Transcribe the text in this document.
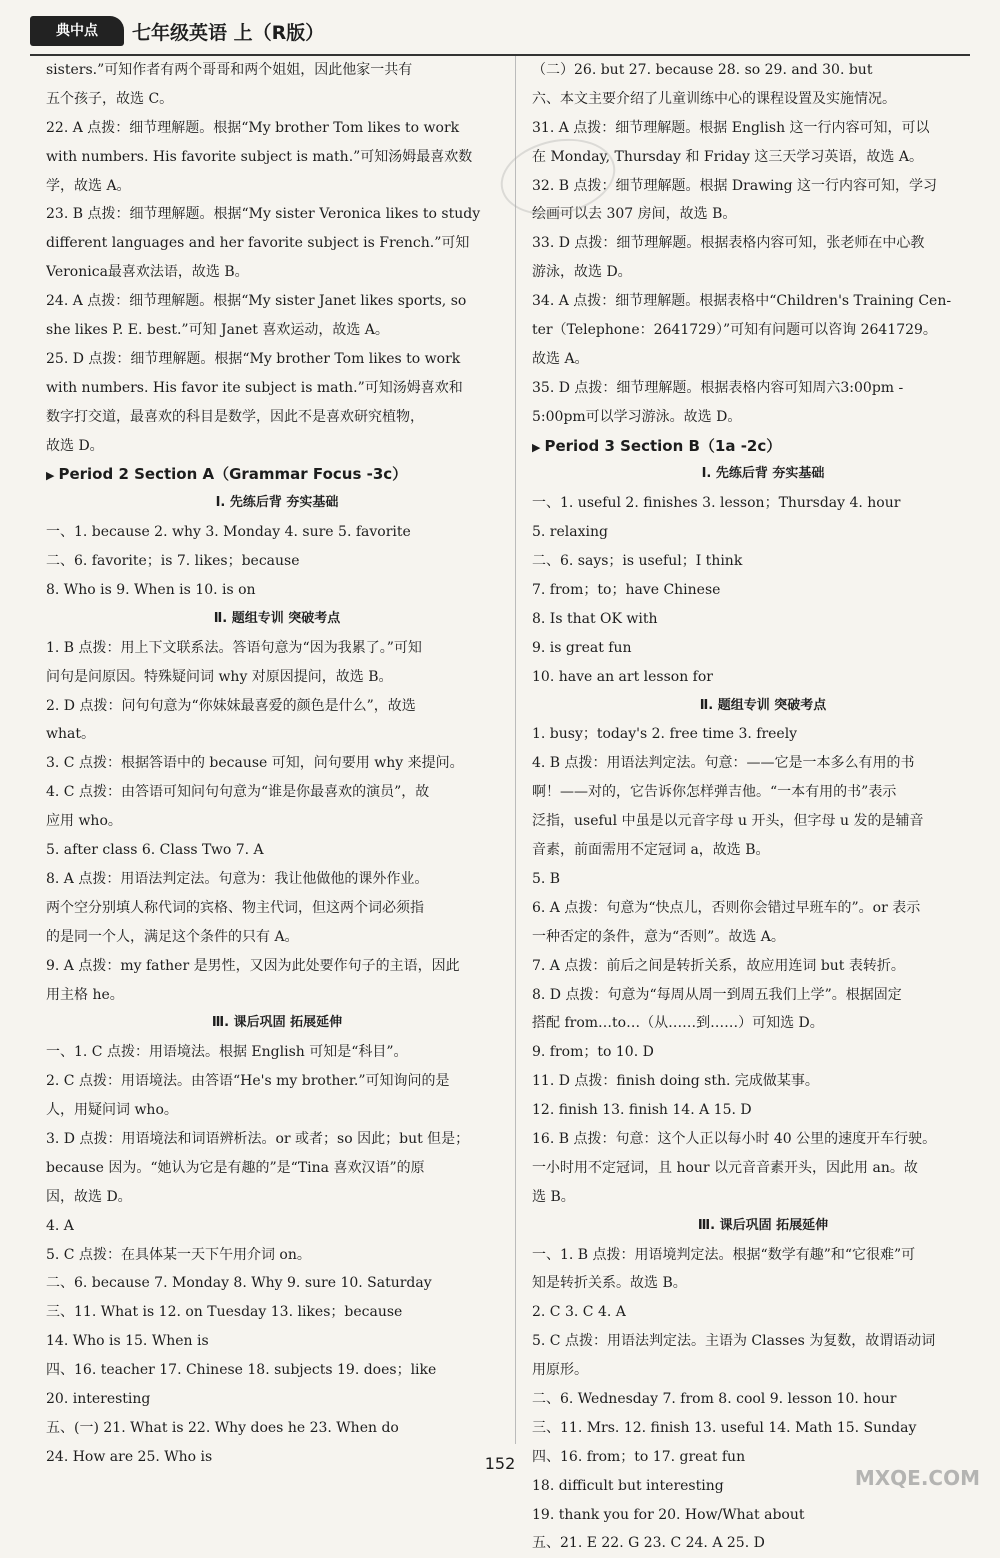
典中点	七年级英语 上（R版）
sisters.”可知作者有两个哥哥和两个姐姐，因此他家一共有
五个孩子，故选 C。
22. A 点拨：细节理解题。根据“My brother Tom likes to work
with numbers. His favorite subject is math.”可知汤姆最喜欢数
学，故选 A。
23. B 点拨：细节理解题。根据“My sister Veronica likes to study
different languages and her favorite subject is French.”可知
Veronica最喜欢法语，故选 B。
24. A 点拨：细节理解题。根据“My sister Janet likes sports, so
she likes P. E. best.”可知 Janet 喜欢运动，故选 A。
25. D 点拨：细节理解题。根据“My brother Tom likes to work
with numbers. His favor ite subject is math.”可知汤姆喜欢和
数字打交道，最喜欢的科目是数学，因此不是喜欢研究植物，
故选 D。
▶ Period 2 Section A（Grammar Focus -3c）
Ⅰ. 先练后背 夯实基础
一、1. because 2. why 3. Monday 4. sure 5. favorite
二、6. favorite；is 7. likes；because
8. Who is 9. When is 10. is on
Ⅱ. 题组专训 突破考点
1. B 点拨：用上下文联系法。答语句意为“因为我累了。”可知
问句是问原因。特殊疑问词 why 对原因提问，故选 B。
2. D 点拨：问句句意为“你妹妹最喜爱的颜色是什么”，故选
what。
3. C 点拨：根据答语中的 because 可知，问句要用 why 来提问。
4. C 点拨：由答语可知问句句意为“谁是你最喜欢的演员”，故
应用 who。
5. after class 6. Class Two 7. A
8. A 点拨：用语法判定法。句意为：我让他做他的课外作业。
两个空分别填人称代词的宾格、物主代词，但这两个词必须指
的是同一个人，满足这个条件的只有 A。
9. A 点拨：my father 是男性，又因为此处要作句子的主语，因此
用主格 he。
Ⅲ. 课后巩固 拓展延伸
一、1. C 点拨：用语境法。根据 English 可知是“科目”。
2. C 点拨：用语境法。由答语“He's my brother.”可知询问的是
人，用疑问词 who。
3. D 点拨：用语境法和词语辨析法。or 或者；so 因此；but 但是；
because 因为。“她认为它是有趣的”是“Tina 喜欢汉语”的原
因，故选 D。
4. A
5. C 点拨：在具体某一天下午用介词 on。
二、6. because 7. Monday 8. Why 9. sure 10. Saturday
三、11. What is 12. on Tuesday 13. likes；because
14. Who is 15. When is
四、16. teacher 17. Chinese 18. subjects 19. does；like
20. interesting
五、(一) 21. What is 22. Why does he 23. When do
24. How are 25. Who is
（二）26. but 27. because 28. so 29. and 30. but
六、本文主要介绍了儿童训练中心的课程设置及实施情况。
31. A 点拨：细节理解题。根据 English 这一行内容可知，可以
在 Monday, Thursday 和 Friday 这三天学习英语，故选 A。
32. B 点拨：细节理解题。根据 Drawing 这一行内容可知，学习
绘画可以去 307 房间，故选 B。
33. D 点拨：细节理解题。根据表格内容可知，张老师在中心教
游泳，故选 D。
34. A 点拨：细节理解题。根据表格中“Children's Training Cen-
ter（Telephone：2641729）”可知有问题可以咨询 2641729。
故选 A。
35. D 点拨：细节理解题。根据表格内容可知周六3:00pm -
5:00pm可以学习游泳。故选 D。
▶ Period 3 Section B（1a -2c）
Ⅰ. 先练后背 夯实基础
一、1. useful 2. finishes 3. lesson；Thursday 4. hour
5. relaxing
二、6. says；is useful；I think
7. from；to；have Chinese
8. Is that OK with
9. is great fun
10. have an art lesson for
Ⅱ. 题组专训 突破考点
1. busy；today's 2. free time 3. freely
4. B 点拨：用语法判定法。句意：——它是一本多么有用的书
啊！——对的，它告诉你怎样弹吉他。“一本有用的书”表示
泛指，useful 中虽是以元音字母 u 开头，但字母 u 发的是辅音
音素，前面需用不定冠词 a，故选 B。
5. B
6. A 点拨：句意为“快点儿，否则你会错过早班车的”。or 表示
一种否定的条件，意为“否则”。故选 A。
7. A 点拨：前后之间是转折关系，故应用连词 but 表转折。
8. D 点拨：句意为“每周从周一到周五我们上学”。根据固定
搭配 from…to…（从……到……）可知选 D。
9. from；to 10. D
11. D 点拨：finish doing sth. 完成做某事。
12. finish 13. finish 14. A 15. D
16. B 点拨：句意：这个人正以每小时 40 公里的速度开车行驶。
一小时用不定冠词，且 hour 以元音音素开头，因此用 an。故
选 B。
Ⅲ. 课后巩固 拓展延伸
一、1. B 点拨：用语境判定法。根据“数学有趣”和“它很难”可
知是转折关系。故选 B。
2. C 3. C 4. A
5. C 点拨：用语法判定法。主语为 Classes 为复数，故谓语动词
用原形。
二、6. Wednesday 7. from 8. cool 9. lesson 10. hour
三、11. Mrs. 12. finish 13. useful 14. Math 15. Sunday
四、16. from；to 17. great fun
18. difficult but interesting
19. thank you for 20. How/What about
五、21. E 22. G 23. C 24. A 25. D
152
MXQE.COM
